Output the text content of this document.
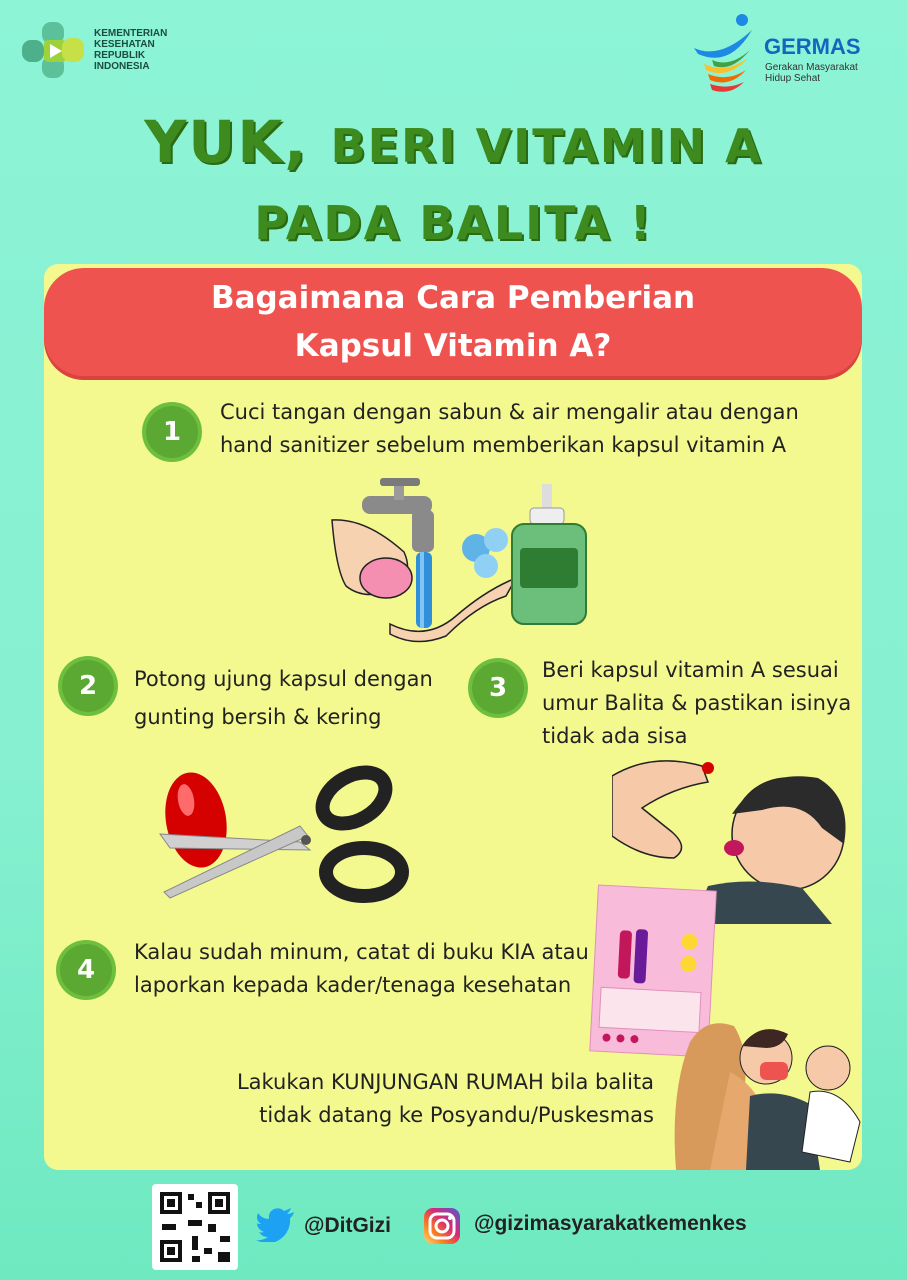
KEMENTERIAN
KESEHATAN
REPUBLIK
INDONESIA
GERMAS
Gerakan Masyarakat
Hidup Sehat
YUK, BERI VITAMIN A
PADA BALITA !
Bagaimana Cara Pemberian
Kapsul Vitamin A?
1
Cuci tangan dengan sabun & air mengalir atau dengan
hand sanitizer sebelum memberikan kapsul vitamin A
2	Potong ujung kapsul dengan
gunting bersih & kering
3
Beri kapsul vitamin A sesuai
umur Balita & pastikan isinya
tidak ada sisa
4
Kalau sudah minum, catat di buku KIA atau
laporkan kepada kader/tenaga kesehatan
Lakukan KUNJUNGAN RUMAH bila balita
tidak datang ke Posyandu/Puskesmas
@DitGizi	@gizimasyarakatkemenkes
